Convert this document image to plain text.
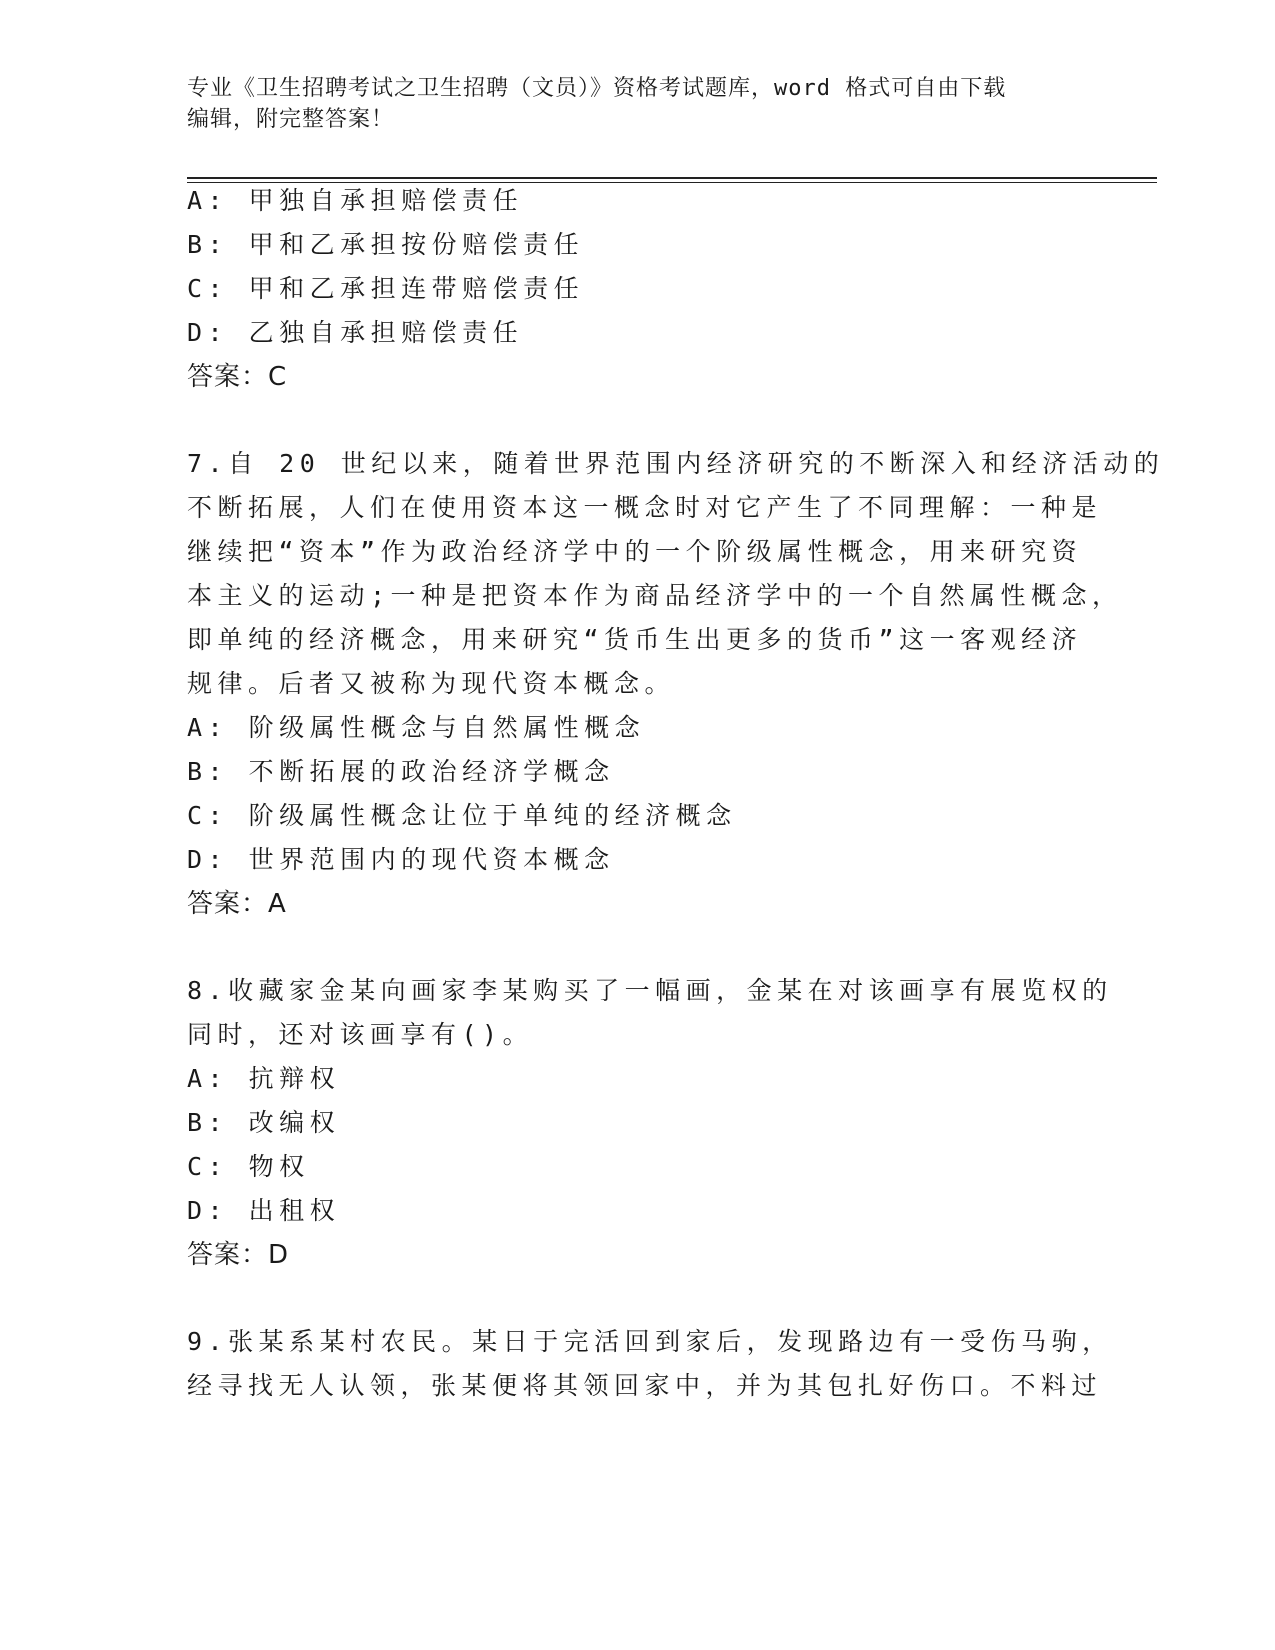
专业《卫生招聘考试之卫生招聘（文员）》资格考试题库，word 格式可自由下载
编辑，附完整答案！
A: 甲独自承担赔偿责任
B: 甲和乙承担按份赔偿责任
C: 甲和乙承担连带赔偿责任
D: 乙独自承担赔偿责任
答案：C
7.自 20 世纪以来，随着世界范围内经济研究的不断深入和经济活动的
不断拓展，人们在使用资本这一概念时对它产生了不同理解：一种是
继续把“资本”作为政治经济学中的一个阶级属性概念，用来研究资
本主义的运动;一种是把资本作为商品经济学中的一个自然属性概念，
即单纯的经济概念，用来研究“货币生出更多的货币”这一客观经济
规律。后者又被称为现代资本概念。
A: 阶级属性概念与自然属性概念
B: 不断拓展的政治经济学概念
C: 阶级属性概念让位于单纯的经济概念
D: 世界范围内的现代资本概念
答案：A
8.收藏家金某向画家李某购买了一幅画，金某在对该画享有展览权的
同时，还对该画享有()。
A: 抗辩权
B: 改编权
C: 物权
D: 出租权
答案：D
9.张某系某村农民。某日于完活回到家后，发现路边有一受伤马驹，
经寻找无人认领，张某便将其领回家中，并为其包扎好伤口。不料过
